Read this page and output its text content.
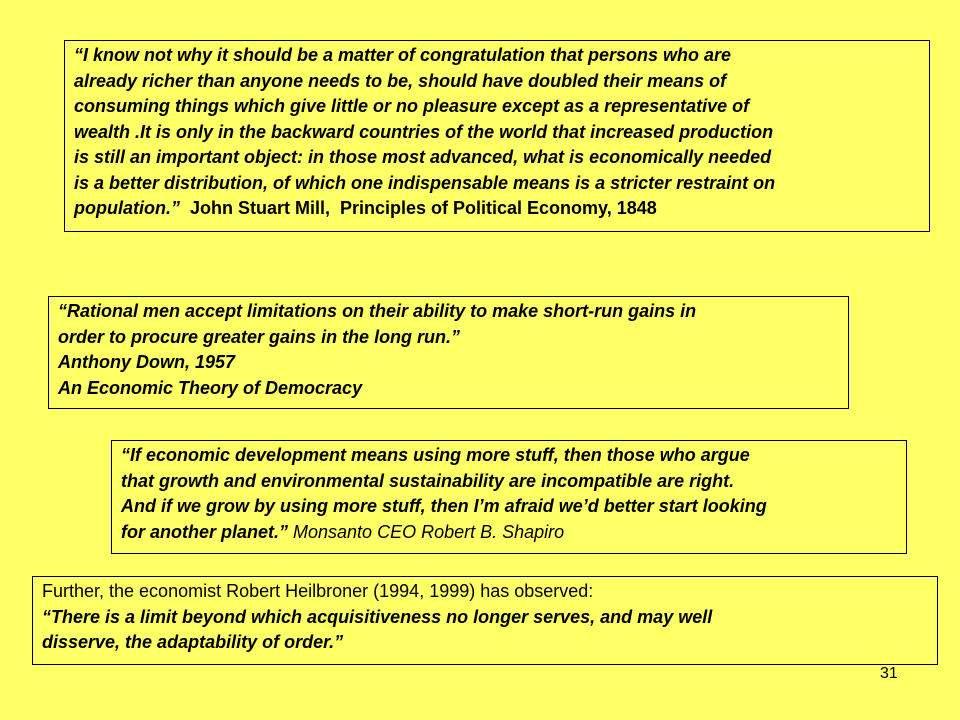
“I know not why it should be a matter of congratulation that persons who are
already richer than anyone needs to be, should have doubled their means of
consuming things which give little or no pleasure except as a representative of
wealth .It is only in the backward countries of the world that increased production
is still an important object: in those most advanced, what is economically needed
is a better distribution, of which one indispensable means is a stricter restraint on
population.”  John Stuart Mill,  Principles of Political Economy, 1848
“Rational men accept limitations on their ability to make short-run gains in
order to procure greater gains in the long run.”
Anthony Down, 1957
An Economic Theory of Democracy
“If economic development means using more stuff, then those who argue
that growth and environmental sustainability are incompatible are right.
And if we grow by using more stuff, then I’m afraid we’d better start looking
for another planet.” Monsanto CEO Robert B. Shapiro
Further, the economist Robert Heilbroner (1994, 1999) has observed:
“There is a limit beyond which acquisitiveness no longer serves, and may well
disserve, the adaptability of order.”
31
